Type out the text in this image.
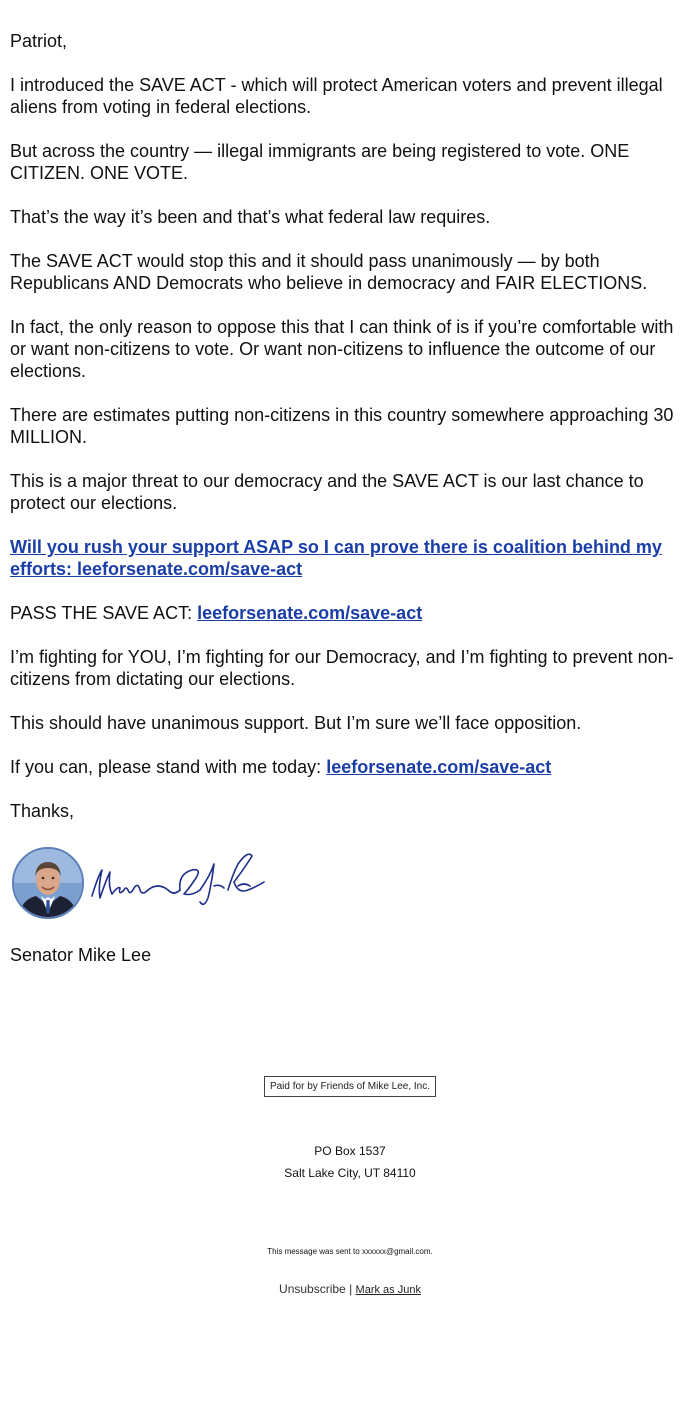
Patriot,

I introduced the SAVE ACT - which will protect American voters and prevent illegal aliens from voting in federal elections.

But across the country — illegal immigrants are being registered to vote. ONE CITIZEN. ONE VOTE.

That’s the way it’s been and that’s what federal law requires.

The SAVE ACT would stop this and it should pass unanimously — by both Republicans AND Democrats who believe in democracy and FAIR ELECTIONS.

In fact, the only reason to oppose this that I can think of is if you’re comfortable with or want non-citizens to vote. Or want non-citizens to influence the outcome of our elections.

There are estimates putting non-citizens in this country somewhere approaching 30 MILLION.

This is a major threat to our democracy and the SAVE ACT is our last chance to protect our elections.

Will you rush your support ASAP so I can prove there is coalition behind my efforts: leeforsenate.com/save-act

PASS THE SAVE ACT: leeforsenate.com/save-act

I’m fighting for YOU, I’m fighting for our Democracy, and I’m fighting to prevent non-citizens from dictating our elections.

This should have unanimous support. But I’m sure we’ll face opposition.

If you can, please stand with me today: leeforsenate.com/save-act

Thanks,

Senator Mike Lee

Paid for by Friends of Mike Lee, Inc.
PO Box 1537
Salt Lake City, UT 84110
This message was sent to xxxxxx@gmail.com.
Unsubscribe | Mark as Junk
